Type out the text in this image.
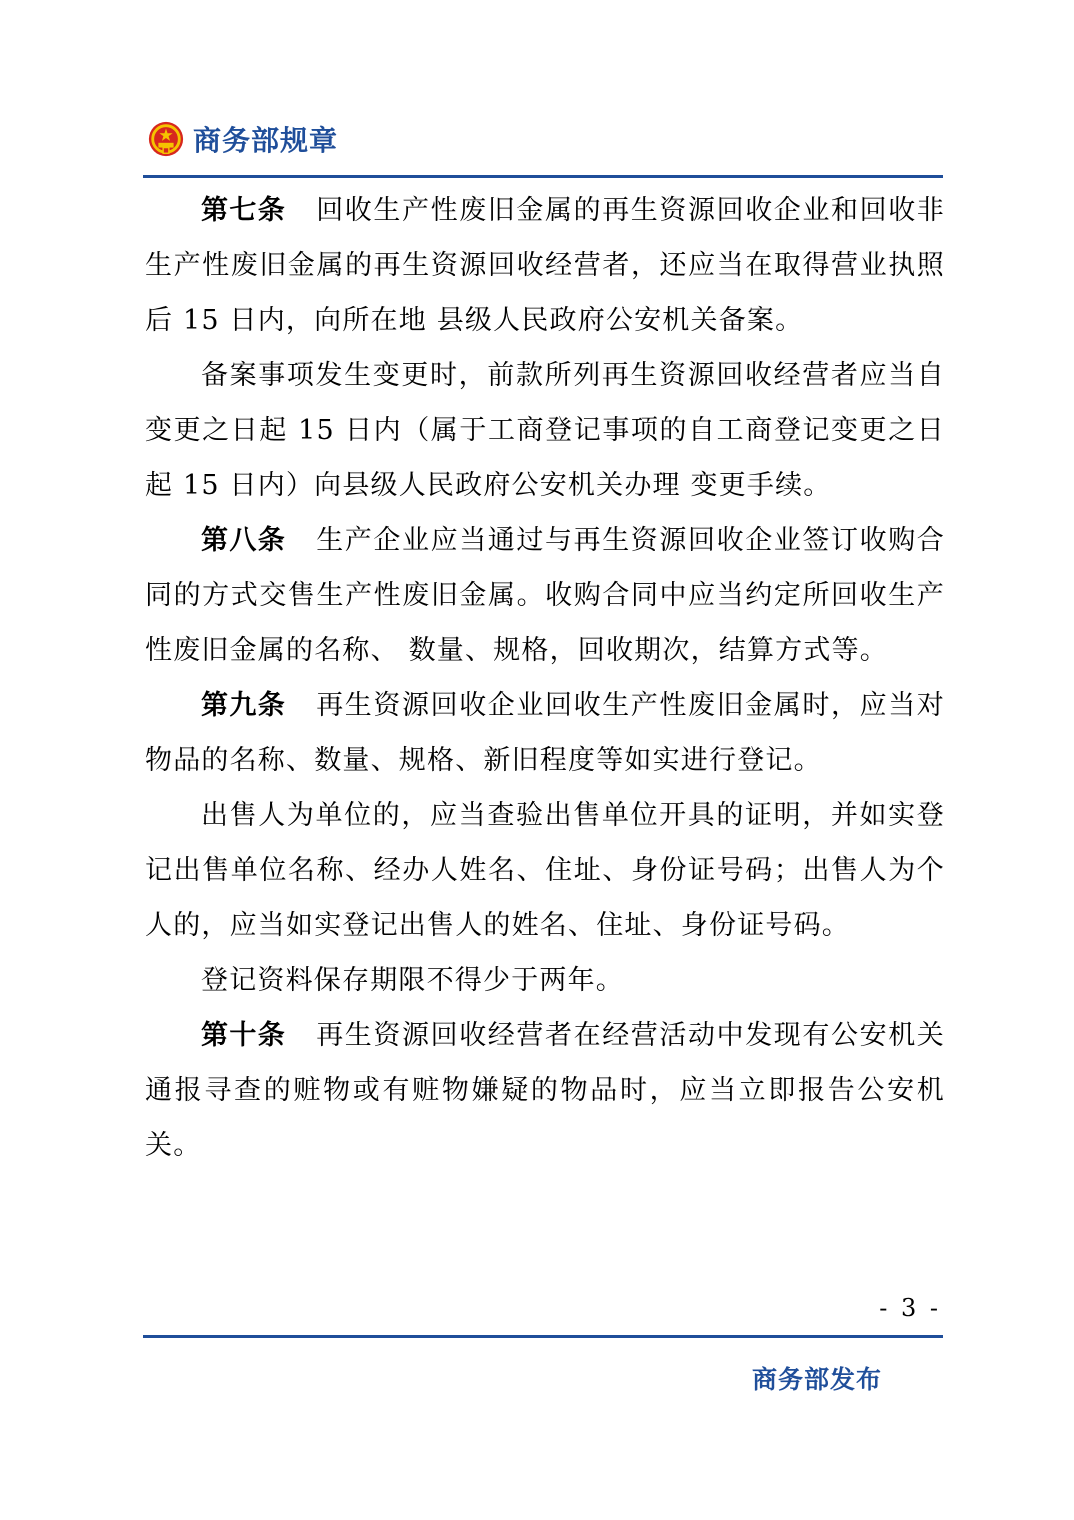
商务部规章

第七条 回收生产性废旧金属的再生资源回收企业和回收非生产性废旧金属的再生资源回收经营者，还应当在取得营业执照后 15 日内，向所在地 县级人民政府公安机关备案。

备案事项发生变更时，前款所列再生资源回收经营者应当自变更之日起 15 日内（属于工商登记事项的自工商登记变更之日起 15 日内）向县级人民政府公安机关办理 变更手续。

第八条 生产企业应当通过与再生资源回收企业签订收购合同的方式交售生产性废旧金属。收购合同中应当约定所回收生产性废旧金属的名称、 数量、规格，回收期次，结算方式等。

第九条 再生资源回收企业回收生产性废旧金属时，应当对物品的名称、数量、规格、新旧程度等如实进行登记。

出售人为单位的，应当查验出售单位开具的证明，并如实登记出售单位名称、经办人姓名、住址、身份证号码；出售人为个人的，应当如实登记出售人的姓名、住址、身份证号码。

登记资料保存期限不得少于两年。

第十条 再生资源回收经营者在经营活动中发现有公安机关通报寻查的赃物或有赃物嫌疑的物品时，应当立即报告公安机关。

- 3 -
商务部发布
